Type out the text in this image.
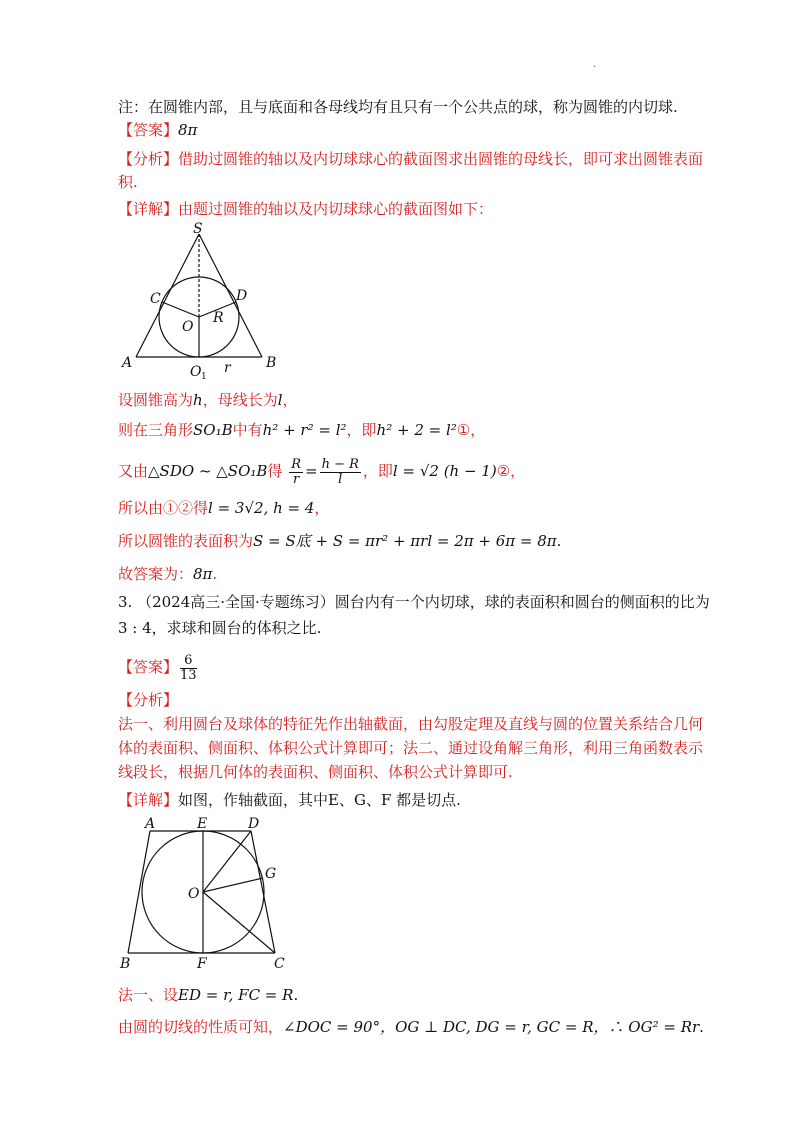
·
注：在圆锥内部，且与底面和各母线均有且只有一个公共点的球，称为圆锥的内切球.
【答案】8π
【分析】借助过圆锥的轴以及内切球球心的截面图求出圆锥的母线长，即可求出圆锥表面
积.
【详解】由题过圆锥的轴以及内切球球心的截面图如下：
S
C	D
O
R
A	B
O 1
r
设圆锥高为h，母线长为l，
则在三角形SO₁B中有h² + r² = l²，即h² + 2 = l²①，
又由△SDO ~ △SO₁B得 $\frac{R}{r} = \frac{h - R}{l}$ ，即l = √2 (h − 1)②，
所以由①②得l = 3√2, h = 4，
所以圆锥的表面积为S = S底 + S = πr² + πrl = 2π + 6π = 8π.
故答案为：8π.
3. （2024高三·全国·专题练习）圆台内有一个内切球，球的表面积和圆台的侧面积的比为
3 : 4，求球和圆台的体积之比.
【答案】 $\frac{6}{13}$
【分析】
法一、利用圆台及球体的特征先作出轴截面，由勾股定理及直线与圆的位置关系结合几何
体的表面积、侧面积、体积公式计算即可；法二、通过设角解三角形，利用三角函数表示
线段长，根据几何体的表面积、侧面积、体积公式计算即可.
【详解】如图，作轴截面，其中E、G、F 都是切点.
A	E	D
G
O
B	F	C
法一、设ED = r, FC = R.
由圆的切线的性质可知，∠DOC = 90°，OG ⊥ DC, DG = r, GC = R，∴ OG² = Rr.
